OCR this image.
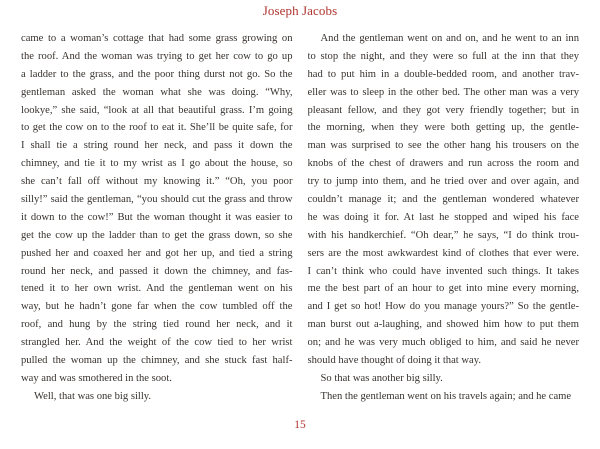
Joseph Jacobs
came to a woman’s cottage that had some grass growing on
the roof. And the woman was trying to get her cow to go up
a ladder to the grass, and the poor thing durst not go. So the
gentleman asked the woman what she was doing. “Why,
lookye,” she said, “look at all that beautiful grass. I’m going
to get the cow on to the roof to eat it. She’ll be quite safe, for
I shall tie a string round her neck, and pass it down the
chimney, and tie it to my wrist as I go about the house, so
she can’t fall off without my knowing it.” “Oh, you poor
silly!” said the gentleman, “you should cut the grass and throw
it down to the cow!” But the woman thought it was easier to
get the cow up the ladder than to get the grass down, so she
pushed her and coaxed her and got her up, and tied a string
round her neck, and passed it down the chimney, and fas-
tened it to her own wrist. And the gentleman went on his
way, but he hadn’t gone far when the cow tumbled off the
roof, and hung by the string tied round her neck, and it
strangled her. And the weight of the cow tied to her wrist
pulled the woman up the chimney, and she stuck fast half-
way and was smothered in the soot.
Well, that was one big silly.
And the gentleman went on and on, and he went to an inn
to stop the night, and they were so full at the inn that they
had to put him in a double-bedded room, and another trav-
eller was to sleep in the other bed. The other man was a very
pleasant fellow, and they got very friendly together; but in
the morning, when they were both getting up, the gentle-
man was surprised to see the other hang his trousers on the
knobs of the chest of drawers and run across the room and
try to jump into them, and he tried over and over again, and
couldn’t manage it; and the gentleman wondered whatever
he was doing it for. At last he stopped and wiped his face
with his handkerchief. “Oh dear,” he says, “I do think trou-
sers are the most awkwardest kind of clothes that ever were.
I can’t think who could have invented such things. It takes
me the best part of an hour to get into mine every morning,
and I get so hot! How do you manage yours?” So the gentle-
man burst out a-laughing, and showed him how to put them
on; and he was very much obliged to him, and said he never
should have thought of doing it that way.
So that was another big silly.
Then the gentleman went on his travels again; and he came
15
